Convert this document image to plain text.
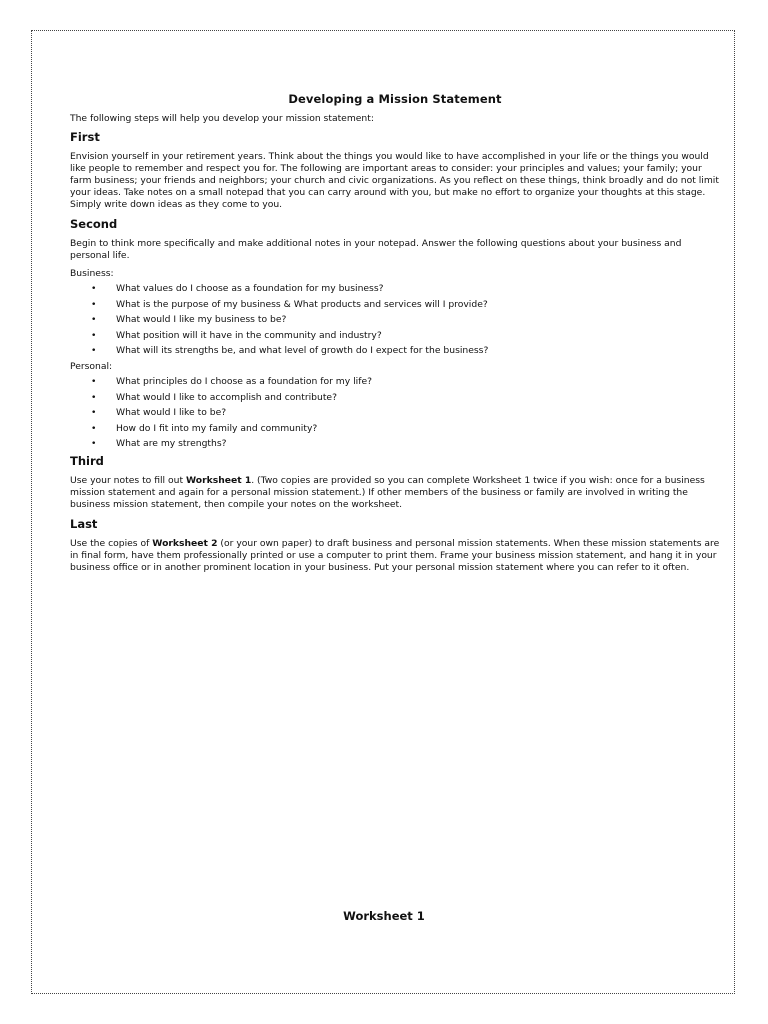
Developing a Mission Statement
The following steps will help you develop your mission statement:
First

Envision yourself in your retirement years. Think about the things you would like to have accomplished in your life or the things you would like people to remember and respect you for. The following are important areas to consider: your principles and values; your family; your farm business; your friends and neighbors; your church and civic organizations. As you reflect on these things, think broadly and do not limit your ideas. Take notes on a small notepad that you can carry around with you, but make no effort to organize your thoughts at this stage. Simply write down ideas as they come to you.

Second

Begin to think more specifically and make additional notes in your notepad. Answer the following questions about your business and personal life.

Business:
• What values do I choose as a foundation for my business?
• What is the purpose of my business & What products and services will I provide?
• What would I like my business to be?
• What position will it have in the community and industry?
• What will its strengths be, and what level of growth do I expect for the business?
Personal:
• What principles do I choose as a foundation for my life?
• What would I like to accomplish and contribute?
• What would I like to be?
• How do I fit into my family and community?
• What are my strengths?
Third

Use your notes to fill out Worksheet 1. (Two copies are provided so you can complete Worksheet 1 twice if you wish: once for a business mission statement and again for a personal mission statement.) If other members of the business or family are involved in writing the business mission statement, then compile your notes on the worksheet.

Last

Use the copies of Worksheet 2 (or your own paper) to draft business and personal mission statements. When these mission statements are in final form, have them professionally printed or use a computer to print them. Frame your business mission statement, and hang it in your business office or in another prominent location in your business. Put your personal mission statement where you can refer to it often.

Worksheet 1
